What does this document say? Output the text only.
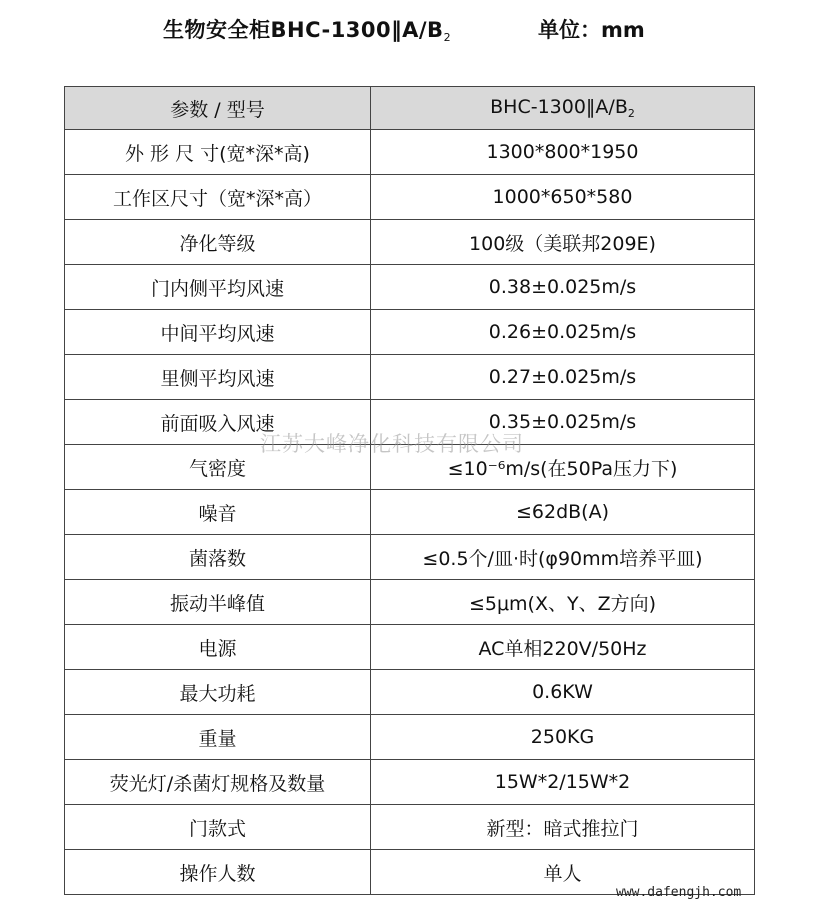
生物安全柜BHC-$1300‖A/B_2$	单位：mm
参数 / 型号	BHC-$1300‖A/B_2$
外 形 尺 寸(宽*深*高)	1300*800*1950
工作区尺寸（宽*深*高）	1000*650*580
净化等级	100级（美联邦209E)
门内侧平均风速	0.38±0.025m/s
中间平均风速	0.26±0.025m/s
里侧平均风速	0.27±0.025m/s
前面吸入风速	0.35±0.025m/s
气密度	≤10⁻⁶m/s(在50Pa压力下)
噪音	≤62dB(A)
菌落数	≤0.5个/皿·时(φ90mm培养平皿)
振动半峰值	≤5μm(X、Y、Z方向)
电源	AC单相220V/50Hz
最大功耗	0.6KW
重量	250KG
荧光灯/杀菌灯规格及数量	15W*2/15W*2
门款式	新型：暗式推拉门
操作人数	单人
江苏大峰净化科技有限公司
www.dafengjh.com
